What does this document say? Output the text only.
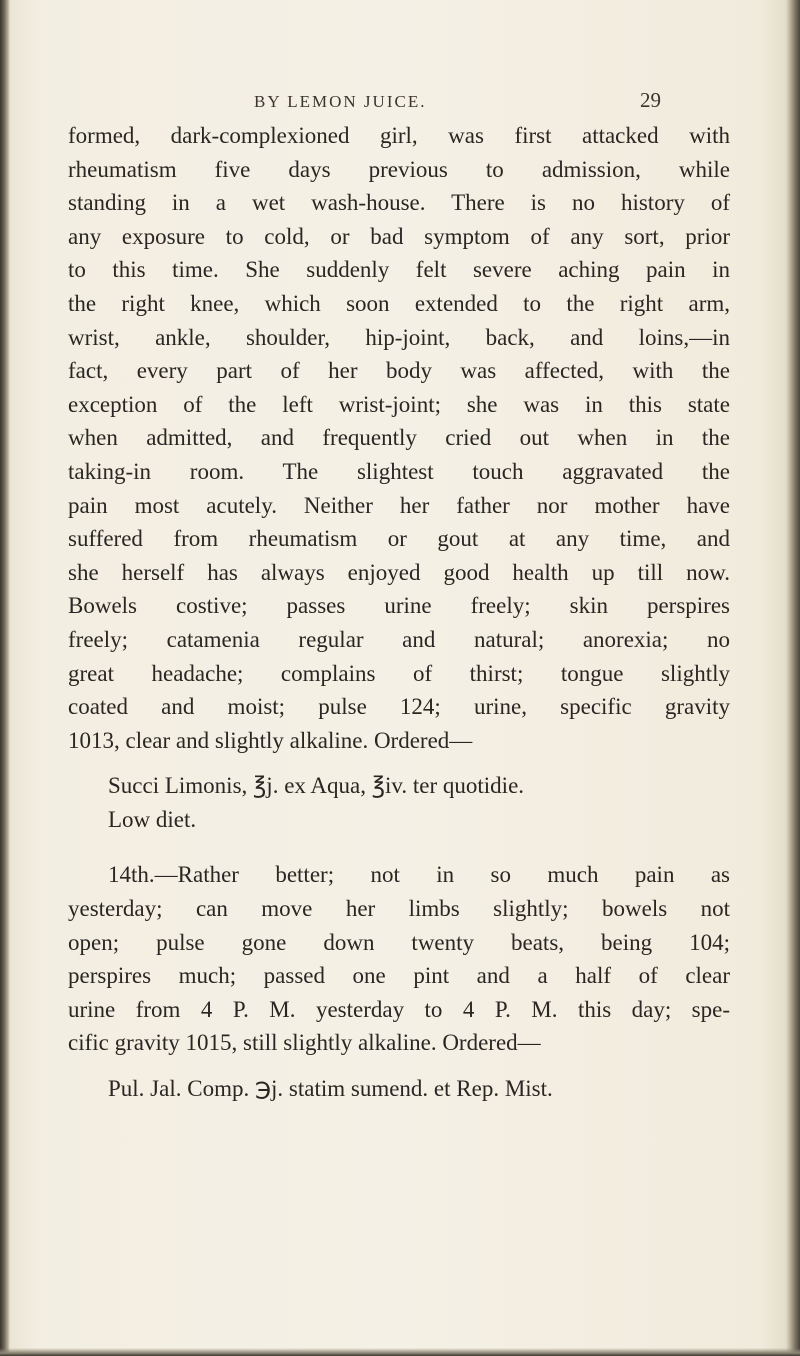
BY LEMON JUICE.	29
formed, dark-complexioned girl, was first attacked with
rheumatism five days previous to admission, while
standing in a wet wash-house. There is no history of
any exposure to cold, or bad symptom of any sort, prior
to this time. She suddenly felt severe aching pain in
the right knee, which soon extended to the right arm,
wrist, ankle, shoulder, hip-joint, back, and loins,—in
fact, every part of her body was affected, with the
exception of the left wrist-joint; she was in this state
when admitted, and frequently cried out when in the
taking-in room. The slightest touch aggravated the
pain most acutely. Neither her father nor mother have
suffered from rheumatism or gout at any time, and
she herself has always enjoyed good health up till now.
Bowels costive; passes urine freely; skin perspires
freely; catamenia regular and natural; anorexia; no
great headache; complains of thirst; tongue slightly
coated and moist; pulse 124; urine, specific gravity
1013, clear and slightly alkaline. Ordered—
Succi Limonis, ℥j. ex Aqua, ℥iv. ter quotidie.
Low diet.
14th.—Rather better; not in so much pain as
yesterday; can move her limbs slightly; bowels not
open; pulse gone down twenty beats, being 104;
perspires much; passed one pint and a half of clear
urine from 4 P. M. yesterday to 4 P. M. this day; spe-
cific gravity 1015, still slightly alkaline. Ordered—
Pul. Jal. Comp. ℈j. statim sumend. et Rep. Mist.
